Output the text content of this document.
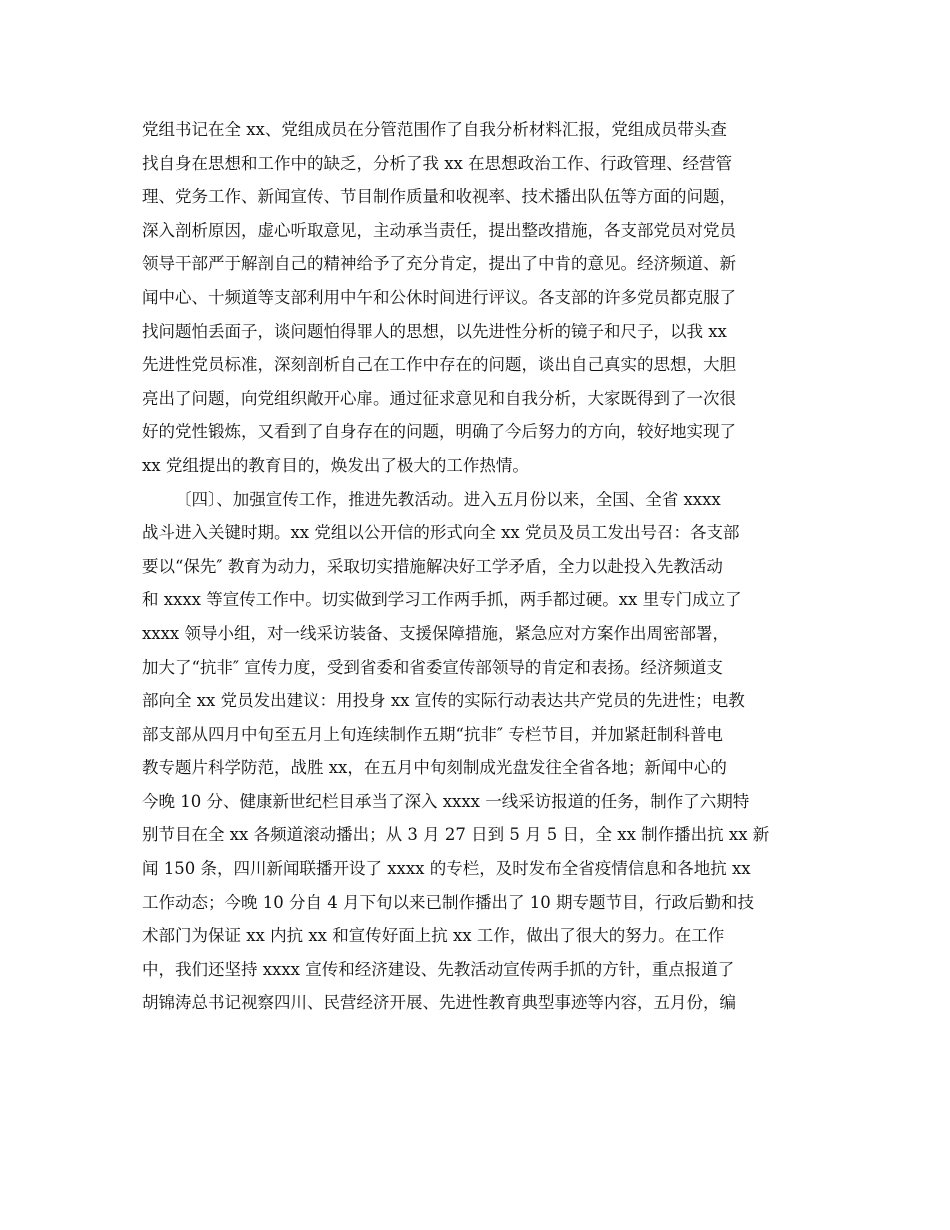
党组书记在全 xx、党组成员在分管范围作了自我分析材料汇报，党组成员带头查
找自身在思想和工作中的缺乏，分析了我 xx 在思想政治工作、行政管理、经营管
理、党务工作、新闻宣传、节目制作质量和收视率、技术播出队伍等方面的问题，
深入剖析原因，虚心听取意见，主动承当责任，提出整改措施，各支部党员对党员
领导干部严于解剖自己的精神给予了充分肯定，提出了中肯的意见。经济频道、新
闻中心、十频道等支部利用中午和公休时间进行评议。各支部的许多党员都克服了
找问题怕丢面子，谈问题怕得罪人的思想，以先进性分析的镜子和尺子，以我 xx
先进性党员标准，深刻剖析自己在工作中存在的问题，谈出自己真实的思想，大胆
亮出了问题，向党组织敞开心扉。通过征求意见和自我分析，大家既得到了一次很
好的党性锻炼，又看到了自身存在的问题，明确了今后努力的方向，较好地实现了
xx 党组提出的教育目的，焕发出了极大的工作热情。
〔四〕、加强宣传工作，推进先教活动。进入五月份以来，全国、全省 xxxx
战斗进入关键时期。xx 党组以公开信的形式向全 xx 党员及员工发出号召：各支部
要以“保先″ 教育为动力，采取切实措施解决好工学矛盾，全力以赴投入先教活动
和 xxxx 等宣传工作中。切实做到学习工作两手抓，两手都过硬。xx 里专门成立了
xxxx 领导小组，对一线采访装备、支援保障措施，紧急应对方案作出周密部署，
加大了“抗非″ 宣传力度，受到省委和省委宣传部领导的肯定和表扬。经济频道支
部向全 xx 党员发出建议：用投身 xx 宣传的实际行动表达共产党员的先进性；电教
部支部从四月中旬至五月上旬连续制作五期“抗非″ 专栏节目，并加紧赶制科普电
教专题片科学防范，战胜 xx，在五月中旬刻制成光盘发往全省各地；新闻中心的
今晚 10 分、健康新世纪栏目承当了深入 xxxx 一线采访报道的任务，制作了六期特
别节目在全 xx 各频道滚动播出；从 3 月 27 日到 5 月 5 日，全 xx 制作播出抗 xx 新
闻 150 条，四川新闻联播开设了 xxxx 的专栏，及时发布全省疫情信息和各地抗 xx
工作动态；今晚 10 分自 4 月下旬以来已制作播出了 10 期专题节目，行政后勤和技
术部门为保证 xx 内抗 xx 和宣传好面上抗 xx 工作，做出了很大的努力。在工作
中，我们还坚持 xxxx 宣传和经济建设、先教活动宣传两手抓的方针，重点报道了
胡锦涛总书记视察四川、民营经济开展、先进性教育典型事迹等内容，五月份，编
